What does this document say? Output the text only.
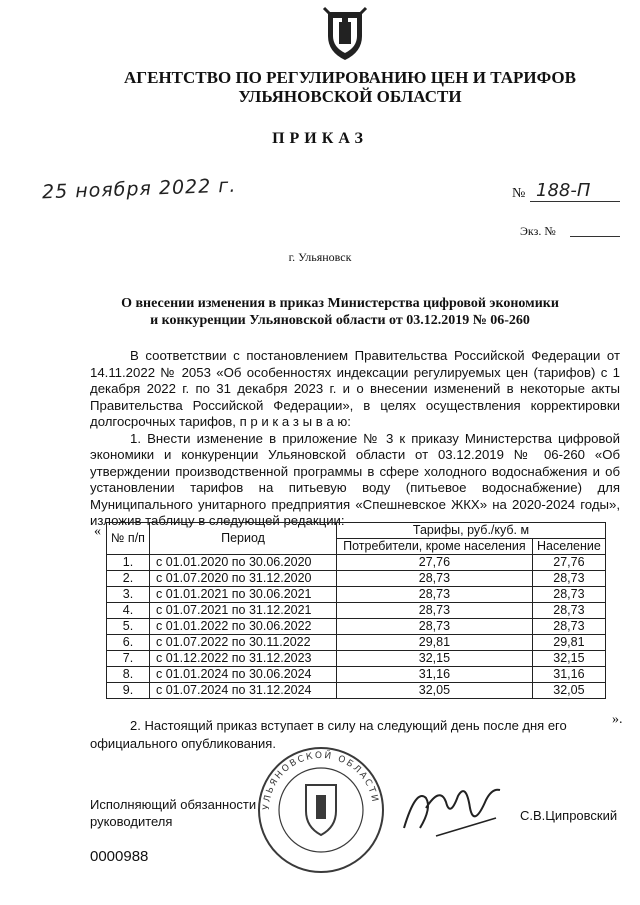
АГЕНТСТВО ПО РЕГУЛИРОВАНИЮ ЦЕН И ТАРИФОВ
УЛЬЯНОВСКОЙ ОБЛАСТИ
ПРИКАЗ
25 ноября 2022 г.	№ 188-П
Экз. №
г. Ульяновск
О внесении изменения в приказ Министерства цифровой экономики
и конкуренции Ульяновской области от 03.12.2019 № 06-260

В соответствии с постановлением Правительства Российской Федерации от 14.11.2022 № 2053 «Об особенностях индексации регулируемых цен (тарифов) с 1 декабря 2022 г. по 31 декабря 2023 г. и о внесении изменений в некоторые акты Правительства Российской Федерации», в целях осуществления корректировки долгосрочных тарифов, п р и к а з ы в а ю:

1. Внести изменение в приложение № 3 к приказу Министерства цифровой экономики и конкуренции Ульяновской области от 03.12.2019 № 06-260 «Об утверждении производственной программы в сфере холодного водоснабжения и об установлении тарифов на питьевую воду (питьевое водоснабжение) для Муниципального унитарного предприятия «Спешневское ЖКХ» на 2020-2024 годы», изложив таблицу в следующей редакции:

« № п/п	Период	Тарифы, руб./куб. м	
		Потребители, кроме населения	Население
1.	с 01.01.2020 по 30.06.2020	27,76	27,76
2.	с 01.07.2020 по 31.12.2020	28,73	28,73
3.	с 01.01.2021 по 30.06.2021	28,73	28,73
4.	с 01.07.2021 по 31.12.2021	28,73	28,73
5.	с 01.01.2022 по 30.06.2022	28,73	28,73
6.	с 01.07.2022 по 30.11.2022	29,81	29,81
7.	с 01.12.2022 по 31.12.2023	32,15	32,15
8.	с 01.01.2024 по 30.06.2024	31,16	31,16
9.	с 01.07.2024 по 31.12.2024	32,05	32,05
».

2. Настоящий приказ вступает в силу на следующий день после дня его официального опубликования.

УЛЬЯНОВСКОЙ ОБЛАСТИ
Исполняющий обязанности
руководителя	С.В.Ципровский
0000988
